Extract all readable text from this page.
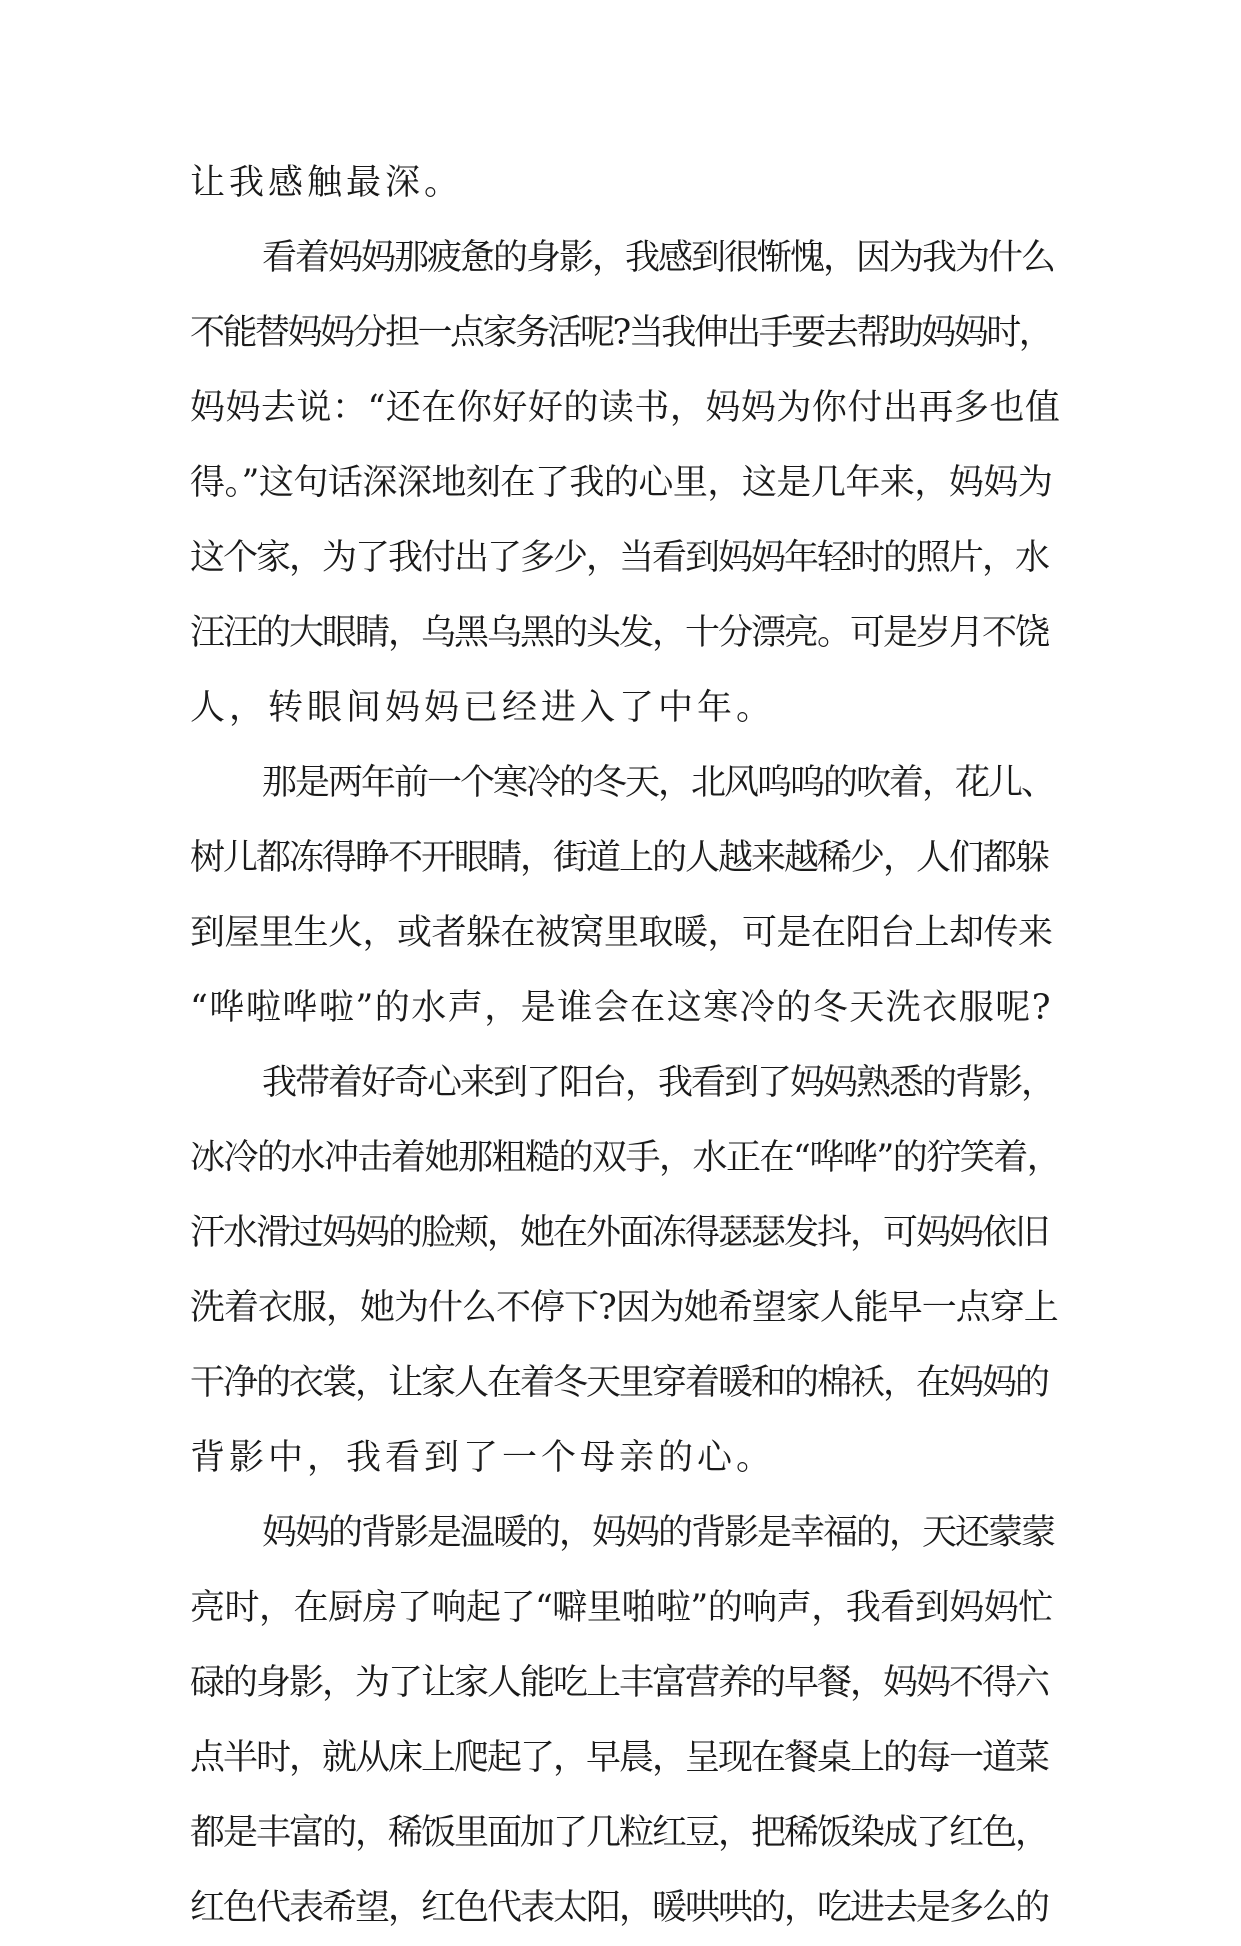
让我感触最深。
看着妈妈那疲惫的身影，我感到很惭愧，因为我为什么
不能替妈妈分担一点家务活呢?当我伸出手要去帮助妈妈时，
妈妈去说：“还在你好好的读书，妈妈为你付出再多也值
得。”这句话深深地刻在了我的心里，这是几年来，妈妈为
这个家，为了我付出了多少，当看到妈妈年轻时的照片，水
汪汪的大眼睛，乌黑乌黑的头发，十分漂亮。可是岁月不饶
人，转眼间妈妈已经进入了中年。
那是两年前一个寒冷的冬天，北风呜呜的吹着，花儿、
树儿都冻得睁不开眼睛，街道上的人越来越稀少，人们都躲
到屋里生火，或者躲在被窝里取暖，可是在阳台上却传来
“哗啦哗啦”的水声，是谁会在这寒冷的冬天洗衣服呢?
我带着好奇心来到了阳台，我看到了妈妈熟悉的背影，
冰冷的水冲击着她那粗糙的双手，水正在“哗哗”的狞笑着，
汗水滑过妈妈的脸颊，她在外面冻得瑟瑟发抖，可妈妈依旧
洗着衣服，她为什么不停下?因为她希望家人能早一点穿上
干净的衣裳，让家人在着冬天里穿着暖和的棉袄，在妈妈的
背影中，我看到了一个母亲的心。
妈妈的背影是温暖的，妈妈的背影是幸福的，天还蒙蒙
亮时，在厨房了响起了“噼里啪啦”的响声，我看到妈妈忙
碌的身影，为了让家人能吃上丰富营养的早餐，妈妈不得六
点半时，就从床上爬起了，早晨，呈现在餐桌上的每一道菜
都是丰富的，稀饭里面加了几粒红豆，把稀饭染成了红色，
红色代表希望，红色代表太阳，暖哄哄的，吃进去是多么的
